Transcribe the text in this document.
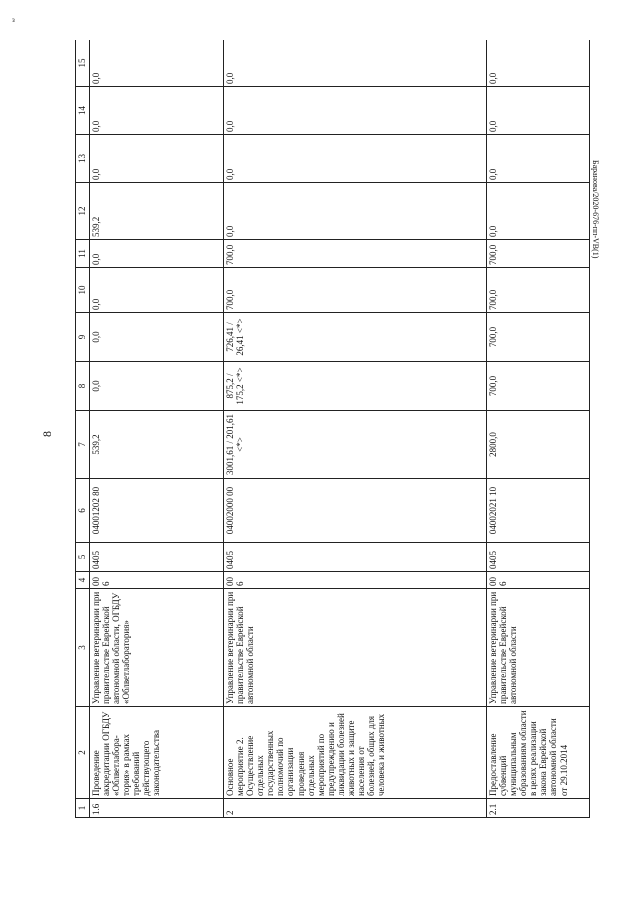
з
8
Баранова/2020-676-пп-VB(1)
1	2	3	4	5	6	7	8	9	10	11	12	13	14	15
1.6	Проведение аккредитации ОГБДУ «Облветлабора-тория» в рамках требований действующего законодательства	Управление ветеринарии при правительстве Еврейской автономной области, ОГБДУ «Облветлаборатория»	006	0405	04001202 80	539,2	0,0	0,0	0,0	0,0	539,2	0,0	0,0	0,0
2	Основное мероприятие 2. Осуществление отдельных государственных полномочий по организации проведения отдельных мероприятий по предупреждению и ликвидации болезней животных и защите населения от болезней, общих для человека и животных	Управление ветеринарии при правительстве Еврейской автономной области	006	0405	04002000 00	3001,61 / 201,61 <*>	875,2 / 175,2 <*>	726,41 / 26,41 <*>	700,0	700,0	0,0	0,0	0,0	0,0
2.1	Предоставление субвенций муниципальным образованиям области в целях реализации закона Еврейской автономной области от 29.10.2014	Управление ветеринарии при правительстве Еврейской автономной области	006	0405	04002021 10	2800,0	700,0	700,0	700,0	700,0	0,0	0,0	0,0	0,0
